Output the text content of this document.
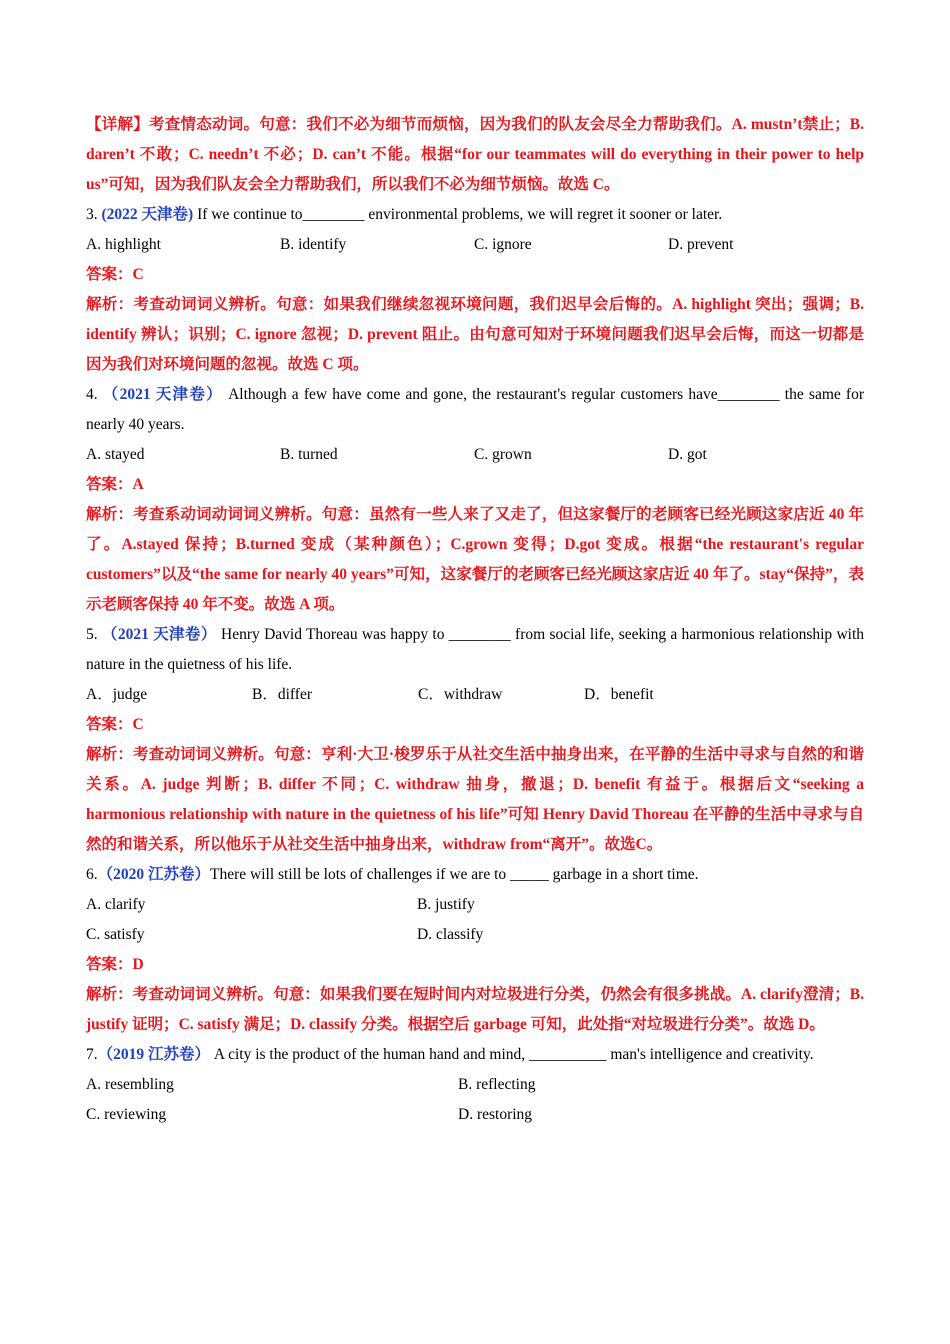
【详解】考查情态动词。句意：我们不必为细节而烦恼，因为我们的队友会尽全力帮助我们。A. mustn’t禁止；B. daren’t 不敢；C. needn’t 不必；D. can’t 不能。根据“for our teammates will do everything in their power to help us”可知，因为我们队友会全力帮助我们，所以我们不必为细节烦恼。故选 C。
3. (2022 天津卷) If we continue to________ environmental problems, we will regret it sooner or later.
A. highlight	B. identify	C. ignore	D. prevent
答案：C
解析：考查动词词义辨析。句意：如果我们继续忽视环境问题，我们迟早会后悔的。A. highlight 突出；强调；B. identify 辨认；识别；C. ignore 忽视；D. prevent 阻止。由句意可知对于环境问题我们迟早会后悔，而这一切都是因为我们对环境问题的忽视。故选 C 项。
4. （2021 天津卷） Although a few have come and gone, the restaurant's regular customers have________ the same for nearly 40 years.
A. stayed	B. turned	C. grown	D. got
答案：A
解析：考查系动词动词词义辨析。句意：虽然有一些人来了又走了，但这家餐厅的老顾客已经光顾这家店近 40 年了。A.stayed 保持；B.turned 变成（某种颜色）；C.grown 变得；D.got 变成。根据“the restaurant's regular customers”以及“the same for nearly 40 years”可知，这家餐厅的老顾客已经光顾这家店近 40 年了。stay“保持”，表示老顾客保持 40 年不变。故选 A 项。
5. （2021 天津卷） Henry David Thoreau was happy to ________ from social life, seeking a harmonious relationship with nature in the quietness of his life.
A．judge	B．differ	C．withdraw	D．benefit
答案：C
解析：考查动词词义辨析。句意：亨利·大卫·梭罗乐于从社交生活中抽身出来，在平静的生活中寻求与自然的和谐关系。A. judge 判断；B. differ 不同；C. withdraw 抽身，撤退；D. benefit 有益于。根据后文“seeking a harmonious relationship with nature in the quietness of his life”可知 Henry David Thoreau 在平静的生活中寻求与自然的和谐关系，所以他乐于从社交生活中抽身出来，withdraw from“离开”。故选C。
6.（2020 江苏卷）There will still be lots of challenges if we are to _____ garbage in a short time.
A. clarify	B. justify
C. satisfy	D. classify
答案：D
解析：考查动词词义辨析。句意：如果我们要在短时间内对垃圾进行分类，仍然会有很多挑战。A. clarify澄清；B. justify 证明；C. satisfy 满足；D. classify 分类。根据空后 garbage 可知，此处指“对垃圾进行分类”。故选 D。
7.（2019 江苏卷） A city is the product of the human hand and mind, __________ man's intelligence and creativity.
A. resembling	B. reflecting
C. reviewing	D. restoring
